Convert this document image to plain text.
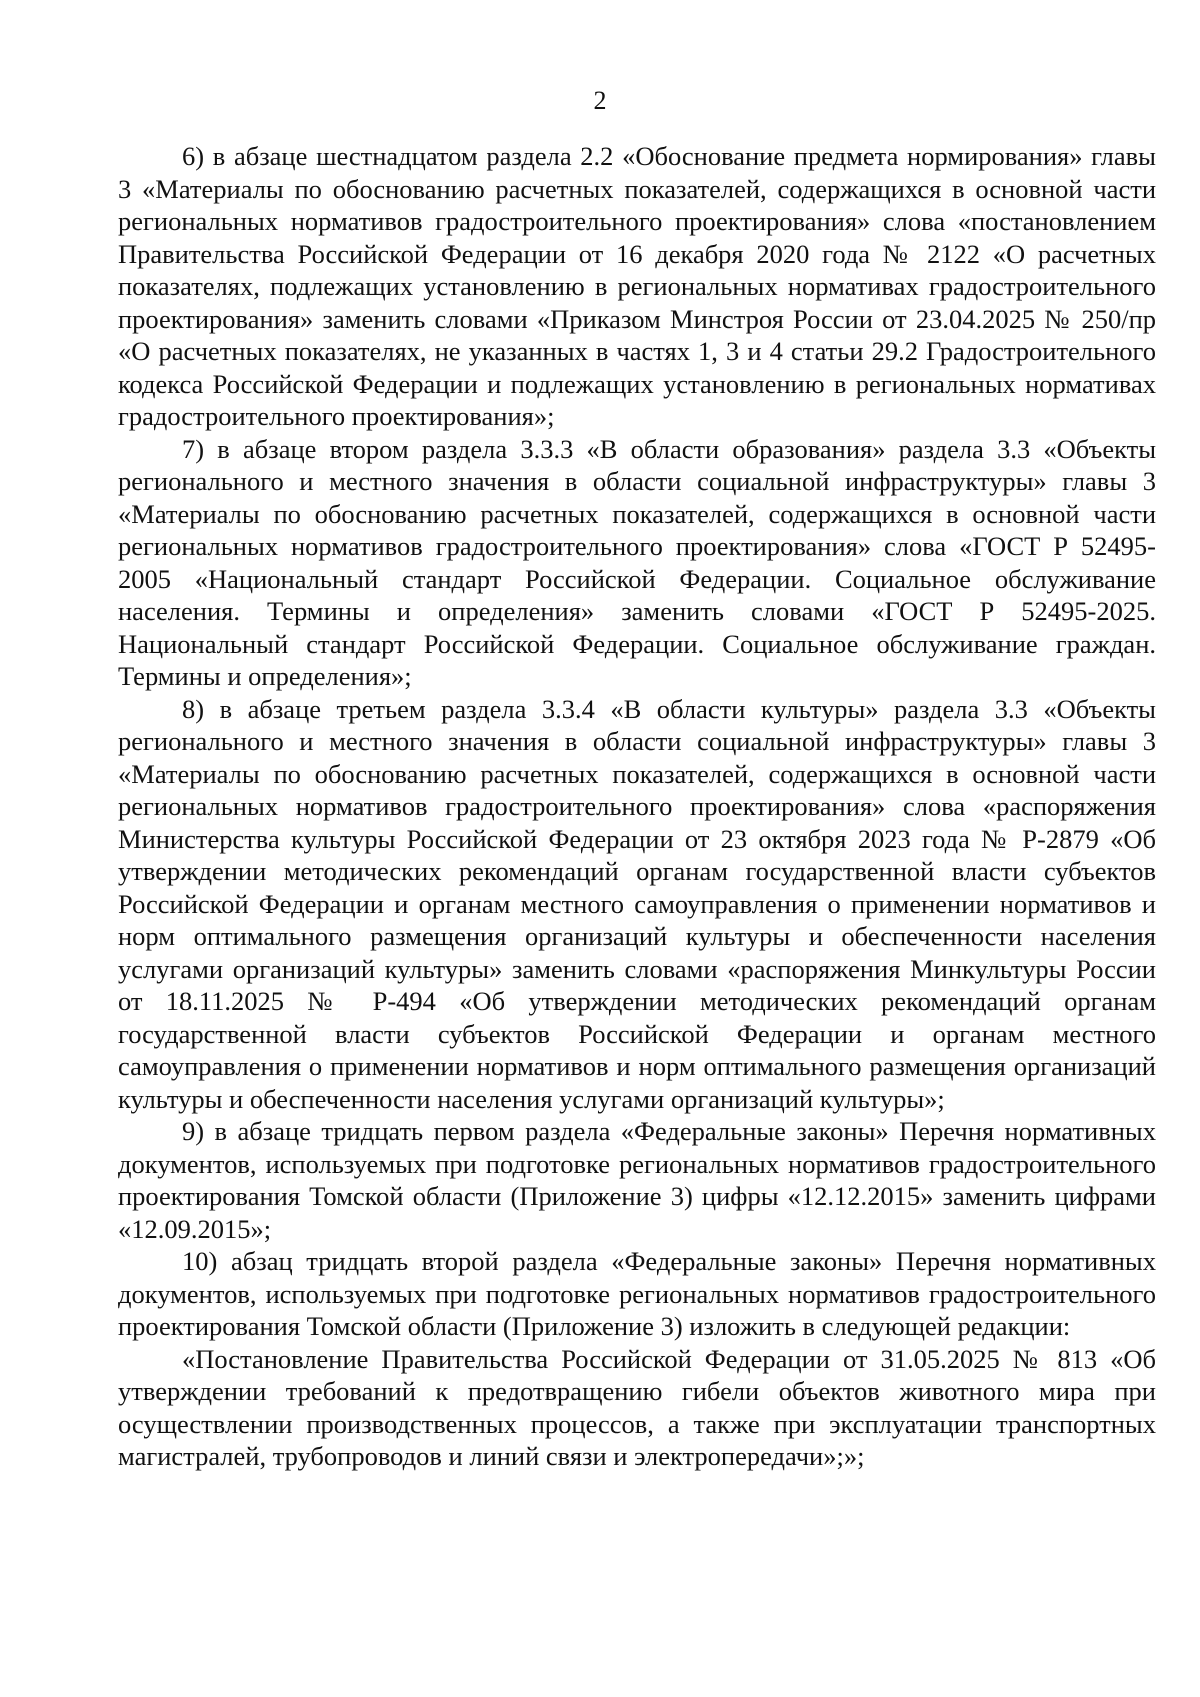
2

6) в абзаце шестнадцатом раздела 2.2 «Обоснование предмета нормирования» главы 3 «Материалы по обоснованию расчетных показателей, содержащихся в основной части региональных нормативов градостроительного проектирования» слова «постановлением Правительства Российской Федерации от 16 декабря 2020 года № 2122 «О расчетных показателях, подлежащих установлению в региональных нормативах градостроительного проектирования» заменить словами «Приказом Минстроя России от 23.04.2025 № 250/пр «О расчетных показателях, не указанных в частях 1, 3 и 4 статьи 29.2 Градостроительного кодекса Российской Федерации и подлежащих установлению в региональных нормативах градостроительного проектирования»;

7) в абзаце втором раздела 3.3.3 «В области образования» раздела 3.3 «Объекты регионального и местного значения в области социальной инфраструктуры» главы 3 «Материалы по обоснованию расчетных показателей, содержащихся в основной части региональных нормативов градостроительного проектирования» слова «ГОСТ Р 52495-2005 «Национальный стандарт Российской Федерации. Социальное обслуживание населения. Термины и определения» заменить словами «ГОСТ Р 52495-2025. Национальный стандарт Российской Федерации. Социальное обслуживание граждан. Термины и определения»;

8) в абзаце третьем раздела 3.3.4 «В области культуры» раздела 3.3 «Объекты регионального и местного значения в области социальной инфраструктуры» главы 3 «Материалы по обоснованию расчетных показателей, содержащихся в основной части региональных нормативов градостроительного проектирования» слова «распоряжения Министерства культуры Российской Федерации от 23 октября 2023 года № Р-2879 «Об утверждении методических рекомендаций органам государственной власти субъектов Российской Федерации и органам местного самоуправления о применении нормативов и норм оптимального размещения организаций культуры и обеспеченности населения услугами организаций культуры» заменить словами «распоряжения Минкультуры России от 18.11.2025 № Р-494 «Об утверждении методических рекомендаций органам государственной власти субъектов Российской Федерации и органам местного самоуправления о применении нормативов и норм оптимального размещения организаций культуры и обеспеченности населения услугами организаций культуры»;

9) в абзаце тридцать первом раздела «Федеральные законы» Перечня нормативных документов, используемых при подготовке региональных нормативов градостроительного проектирования Томской области (Приложение 3) цифры «12.12.2015» заменить цифрами «12.09.2015»;

10) абзац тридцать второй раздела «Федеральные законы» Перечня нормативных документов, используемых при подготовке региональных нормативов градостроительного проектирования Томской области (Приложение 3) изложить в следующей редакции:

«Постановление Правительства Российской Федерации от 31.05.2025 № 813 «Об утверждении требований к предотвращению гибели объектов животного мира при осуществлении производственных процессов, а также при эксплуатации транспортных магистралей, трубопроводов и линий связи и электропередачи»;»;
